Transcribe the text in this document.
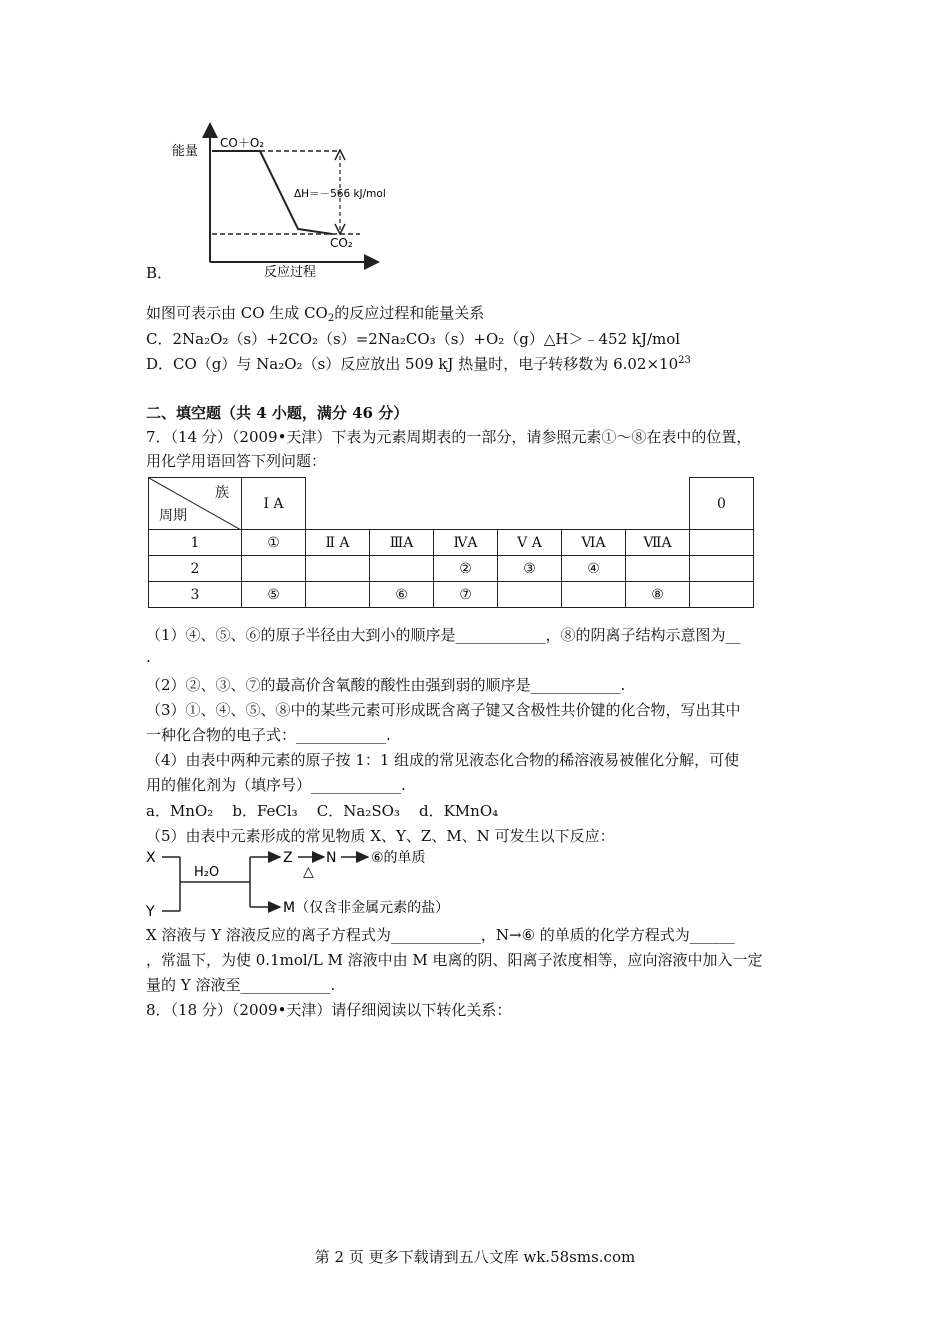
B．
能量
CO＋O₂
ΔH＝－566 kJ/mol
CO₂
反应过程
如图可表示由 CO 生成 $CO_2$的反应过程和能量关系
C．2Na₂O₂（s）+2CO₂（s）=2Na₂CO₃（s）+O₂（g）△H＞﹣452 kJ/mol
D．CO（g）与 Na₂O₂（s）反应放出 509 kJ 热量时，电子转移数为 $6.02\times 10^{23}$
二、填空题（共 4 小题，满分 46 分）
7．（14 分）（2009•天津）下表为元素周期表的一部分，请参照元素①～⑧在表中的位置，
用化学用语回答下列问题：
族
周期	Ⅰ A							0
1	①	Ⅱ A	ⅢA	ⅣA	Ⅴ A	ⅥA	ⅦA	
2				②	③	④		
3	⑤		⑥	⑦			⑧	
（1）④、⑤、⑥的原子半径由大到小的顺序是____________，⑧的阴离子结构示意图为__
.
（2）②、③、⑦的最高价含氧酸的酸性由强到弱的顺序是____________.
（3）①、④、⑤、⑧中的某些元素可形成既含离子键又含极性共价键的化合物，写出其中
一种化合物的电子式：____________.
（4）由表中两种元素的原子按 1：1 组成的常见液态化合物的稀溶液易被催化分解，可使
用的催化剂为（填序号）____________.
a．MnO₂    b．FeCl₃    C．Na₂SO₃    d．KMnO₄
（5）由表中元素形成的常见物质 X、Y、Z、M、N 可发生以下反应：
X
Y
H₂O
Z
△
N ⑥的单质
M（仅含非金属元素的盐）
X 溶液与 Y 溶液反应的离子方程式为____________，N→⑥ 的单质的化学方程式为______
，常温下，为使 0.1mol/L M 溶液中由 M 电离的阴、阳离子浓度相等，应向溶液中加入一定
量的 Y 溶液至____________.
8．（18 分）（2009•天津）请仔细阅读以下转化关系：
第 2 页 更多下载请到五八文库 wk.58sms.com
